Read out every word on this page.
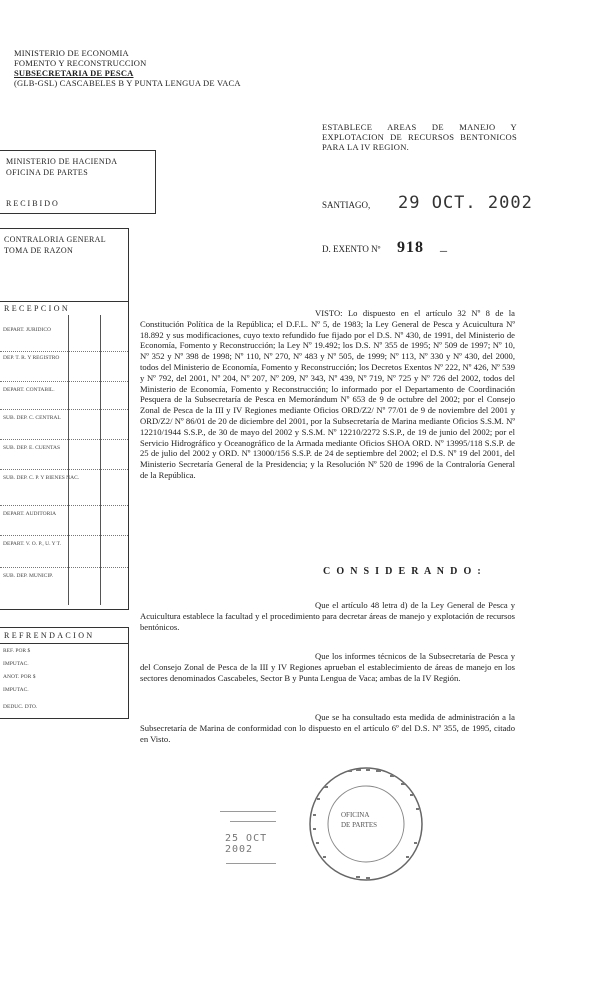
MINISTERIO DE ECONOMIA
FOMENTO Y RECONSTRUCCION
SUBSECRETARIA DE PESCA
(GLB-GSL) CASCABELES B Y PUNTA LENGUA DE VACA
ESTABLECE AREAS DE MANEJO Y EXPLOTACION DE RECURSOS BENTONICOS PARA LA IV REGION.
SANTIAGO, 29 OCT. 2002
D. EXENTO Nº 918 _
MINISTERIO DE HACIENDA
OFICINA DE PARTES
RECIBIDO
CONTRALORIA GENERAL
TOMA DE RAZON
RECEPCION
DEPART. JURIDICO
DEP. T. R. Y REGISTRO
DEPART. CONTABIL.
SUB. DEP. C. CENTRAL
SUB. DEP. E. CUENTAS
SUB. DEP. C. P. Y BIENES NAC.
DEPART. AUDITORIA
DEPART. V. O. P., U. Y T.
SUB. DEP. MUNICIP.
REFRENDACION
REF. POR $
IMPUTAC.
ANOT. POR $
IMPUTAC.
DEDUC. DTO.

VISTO: Lo dispuesto en el artículo 32 Nº 8 de la Constitución Política de la República; el D.F.L. Nº 5, de 1983; la Ley General de Pesca y Acuicultura Nº 18.892 y sus modificaciones, cuyo texto refundido fue fijado por el D.S. Nº 430, de 1991, del Ministerio de Economía, Fomento y Reconstrucción; la Ley Nº 19.492; los D.S. Nº 355 de 1995; Nº 509 de 1997; Nº 10, Nº 352 y Nº 398 de 1998; Nº 110, Nº 270, Nº 483 y Nº 505, de 1999; Nº 113, Nº 330 y Nº 430, del 2000, todos del Ministerio de Economía, Fomento y Reconstrucción; los Decretos Exentos Nº 222, Nº 426, Nº 539 y Nº 792, del 2001, Nº 204, Nº 207, Nº 209, Nº 343, Nº 439, Nº 719, Nº 725 y Nº 726 del 2002, todos del Ministerio de Economía, Fomento y Reconstrucción; lo informado por el Departamento de Coordinación Pesquera de la Subsecretaría de Pesca en Memorándum Nº 653 de 9 de octubre del 2002; por el Consejo Zonal de Pesca de la III y IV Regiones mediante Oficios ORD/Z2/ Nº 77/01 de 9 de noviembre del 2001 y ORD/Z2/ Nº 86/01 de 20 de diciembre del 2001, por la Subsecretaría de Marina mediante Oficios S.S.M. Nº 12210/1944 S.S.P., de 30 de mayo del 2002 y S.S.M. Nº 12210/2272 S.S.P., de 19 de junio del 2002; por el Servicio Hidrográfico y Oceanográfico de la Armada mediante Oficios SHOA ORD. Nº 13995/118 S.S.P. de 25 de julio del 2002 y ORD. Nº 13000/156 S.S.P. de 24 de septiembre del 2002; el D.S. Nº 19 del 2001, del Ministerio Secretaría General de la Presidencia; y la Resolución Nº 520 de 1996 de la Contraloría General de la República.

C O N S I D E R A N D O :

Que el artículo 48 letra d) de la Ley General de Pesca y Acuicultura establece la facultad y el procedimiento para decretar áreas de manejo y explotación de recursos bentónicos.

Que los informes técnicos de la Subsecretaría de Pesca y del Consejo Zonal de Pesca de la III y IV Regiones aprueban el establecimiento de áreas de manejo en los sectores denominados Cascabeles, Sector B y Punta Lengua de Vaca; ambas de la IV Región.

Que se ha consultado esta medida de administración a la Subsecretaría de Marina de conformidad con lo dispuesto en el artículo 6º del D.S. Nº 355, de 1995, citado en Visto.

25 OCT 2002
OFICINA
DE PARTES
